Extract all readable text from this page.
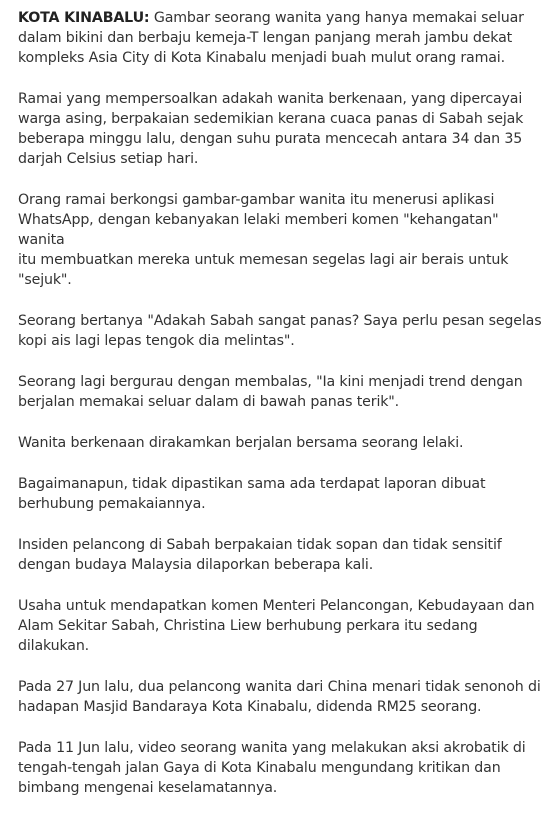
KOTA KINABALU: Gambar seorang wanita yang hanya memakai seluar
dalam bikini dan berbaju kemeja-T lengan panjang merah jambu dekat
kompleks Asia City di Kota Kinabalu menjadi buah mulut orang ramai.

Ramai yang mempersoalkan adakah wanita berkenaan, yang dipercayai
warga asing, berpakaian sedemikian kerana cuaca panas di Sabah sejak
beberapa minggu lalu, dengan suhu purata mencecah antara 34 dan 35
darjah Celsius setiap hari.

Orang ramai berkongsi gambar-gambar wanita itu menerusi aplikasi
WhatsApp, dengan kebanyakan lelaki memberi komen "kehangatan" wanita
itu membuatkan mereka untuk memesan segelas lagi air berais untuk
"sejuk".

Seorang bertanya "Adakah Sabah sangat panas? Saya perlu pesan segelas
kopi ais lagi lepas tengok dia melintas".

Seorang lagi bergurau dengan membalas, "Ia kini menjadi trend dengan
berjalan memakai seluar dalam di bawah panas terik".

Wanita berkenaan dirakamkan berjalan bersama seorang lelaki.

Bagaimanapun, tidak dipastikan sama ada terdapat laporan dibuat
berhubung pemakaiannya.

Insiden pelancong di Sabah berpakaian tidak sopan dan tidak sensitif
dengan budaya Malaysia dilaporkan beberapa kali.

Usaha untuk mendapatkan komen Menteri Pelancongan, Kebudayaan dan
Alam Sekitar Sabah, Christina Liew berhubung perkara itu sedang
dilakukan.

Pada 27 Jun lalu, dua pelancong wanita dari China menari tidak senonoh di
hadapan Masjid Bandaraya Kota Kinabalu, didenda RM25 seorang.

Pada 11 Jun lalu, video seorang wanita yang melakukan aksi akrobatik di
tengah-tengah jalan Gaya di Kota Kinabalu mengundang kritikan dan
bimbang mengenai keselamatannya.
